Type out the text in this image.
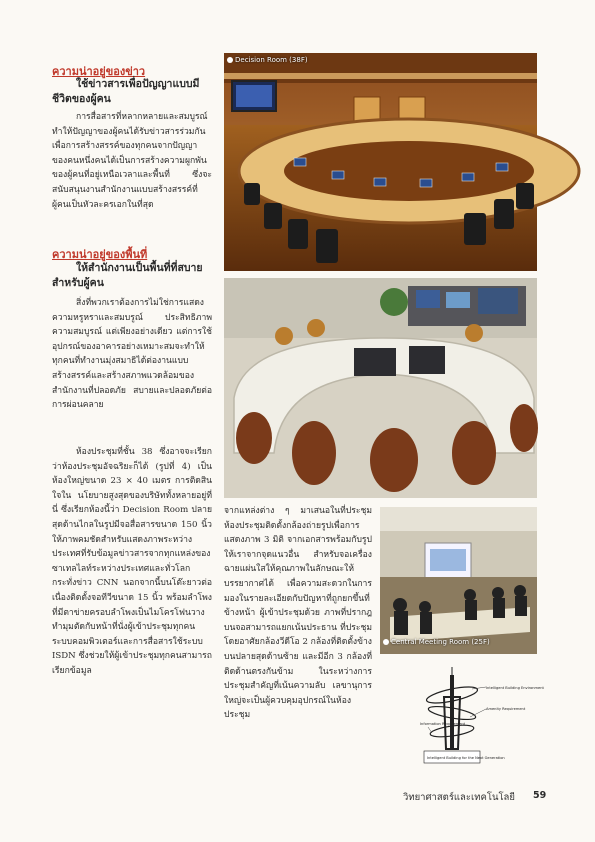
ความน่าอยู่ของข่าว
ใช้ข่าวสารเพื่อปัญญาแบบมีชีวิตของผู้คน
การสื่อสารที่หลากหลายและสมบูรณ์ทำให้ปัญญาของผู้คนได้รับข่าวสารร่วมกัน เพื่อการสร้างสรรค์ของทุกคนจากปัญญาของคนหนึ่งคนได้เป็นการสร้างความผูกพันของผู้คนที่อยู่เหนือเวลาและพื้นที่ ซึ่งจะสนับสนุนงานสำนักงานแบบสร้างสรรค์ที่ผู้คนเป็นหัวละครเอกในที่สุด
ความน่าอยู่ของพื้นที่
ให้สำนักงานเป็นพื้นที่ที่สบายสำหรับผู้คน
สิ่งที่พวกเราต้องการไม่ใช่การแสดงความหรูหราและสมบรูณ์ ประสิทธิภาพความสมบูรณ์ แต่เพียงอย่างเดียว แต่การใช้อุปกรณ์ของอาคารอย่างเหมาะสมจะทำให้ทุกคนที่ทำงานมุ่งสมาธิได้ต่องานแบบสร้างสรรค์และสร้างสภาพแวดล้อมของสำนักงานที่ปลอดภัย สบายและปลอดภัยต่อการผ่อนคลาย
ห้องประชุมที่ชั้น 38 ซึ่งอาจจะเรียกว่าห้องประชุมอัจฉริยะก็ได้ (รูปที่ 4) เป็นห้องใหญ่ขนาด 23 × 40 เมตร การติดสินใจใน นโยบายสูงสุดของบริษัททั้งหลายอยู่ที่นี่ ซึ่งเรียกห้องนี้ว่า Decision Room ปลายสุดด้านไกลในรูปมีจอสื่อสารขนาด 150 นิ้ว ให้ภาพคมชัดสำหรับแสดงภาพระหว่างประเทศที่รับข้อมูลข่าวสารจากทุกแหล่งของซาเทลไลท์ระหว่างประเทศและทั่วโลกกระทั่งข่าว CNN นอกจากนี้บนโต๊ะยาวต่อเนื่องติดตั้งจอทีวีขนาด 15 นิ้ว พร้อมลำโพงที่มีตาข่ายครอบลำโพงเป็นไมโครโฟนวางทำมุมตัดกับหน้าที่นั่งผู้เข้าประชุมทุกคน ระบบคอมพิวเตอร์และการสื่อสารใช้ระบบ ISDN ซึ่งช่วยให้ผู้เข้าประชุมทุกคนสามารถเรียกข้อมูล
Decision Room (38F)
จากแหล่งต่าง ๆ มาเสนอในที่ประชุม ห้องประชุมติดตั้งกล้องถ่ายรูปเพื่อการแสดงภาพ 3 มิติ จากเอกสารพร้อมกับรูปให้เราจากจุดแนวอื่น สำหรับจอเครื่องฉายแผ่นใสให้คุณภาพในลักษณะให้บรรยากาศได้ เพื่อความสะดวกในการมองในรายละเอียดกับปัญหาที่ถูกยกขึ้นที่ข้างหน้า ผู้เข้าประชุมด้วย ภาพที่ปรากฎบนจอสามารถแยกเน้นประธาน ที่ประชุม โดยอาศัยกล้องวีดีโอ 2 กล้องที่ติดตั้งข้างบนปลายสุดด้านซ้าย และมีอีก 3 กล้องที่ติดด้านตรงกันข้าม ในระหว่างการประชุมสำคัญที่เน้นความลับ เลขานุการใหญ่จะเป็นผู้ควบคุมอุปกรณ์ในห้องประชุม
Central Meeting Room (25F)
Intelligent Building Environment
Amenity Requirement
Information Requirement
Intelligent Building for the Next Generation
วิทยาศาสตร์และเทคโนโลยี 59
